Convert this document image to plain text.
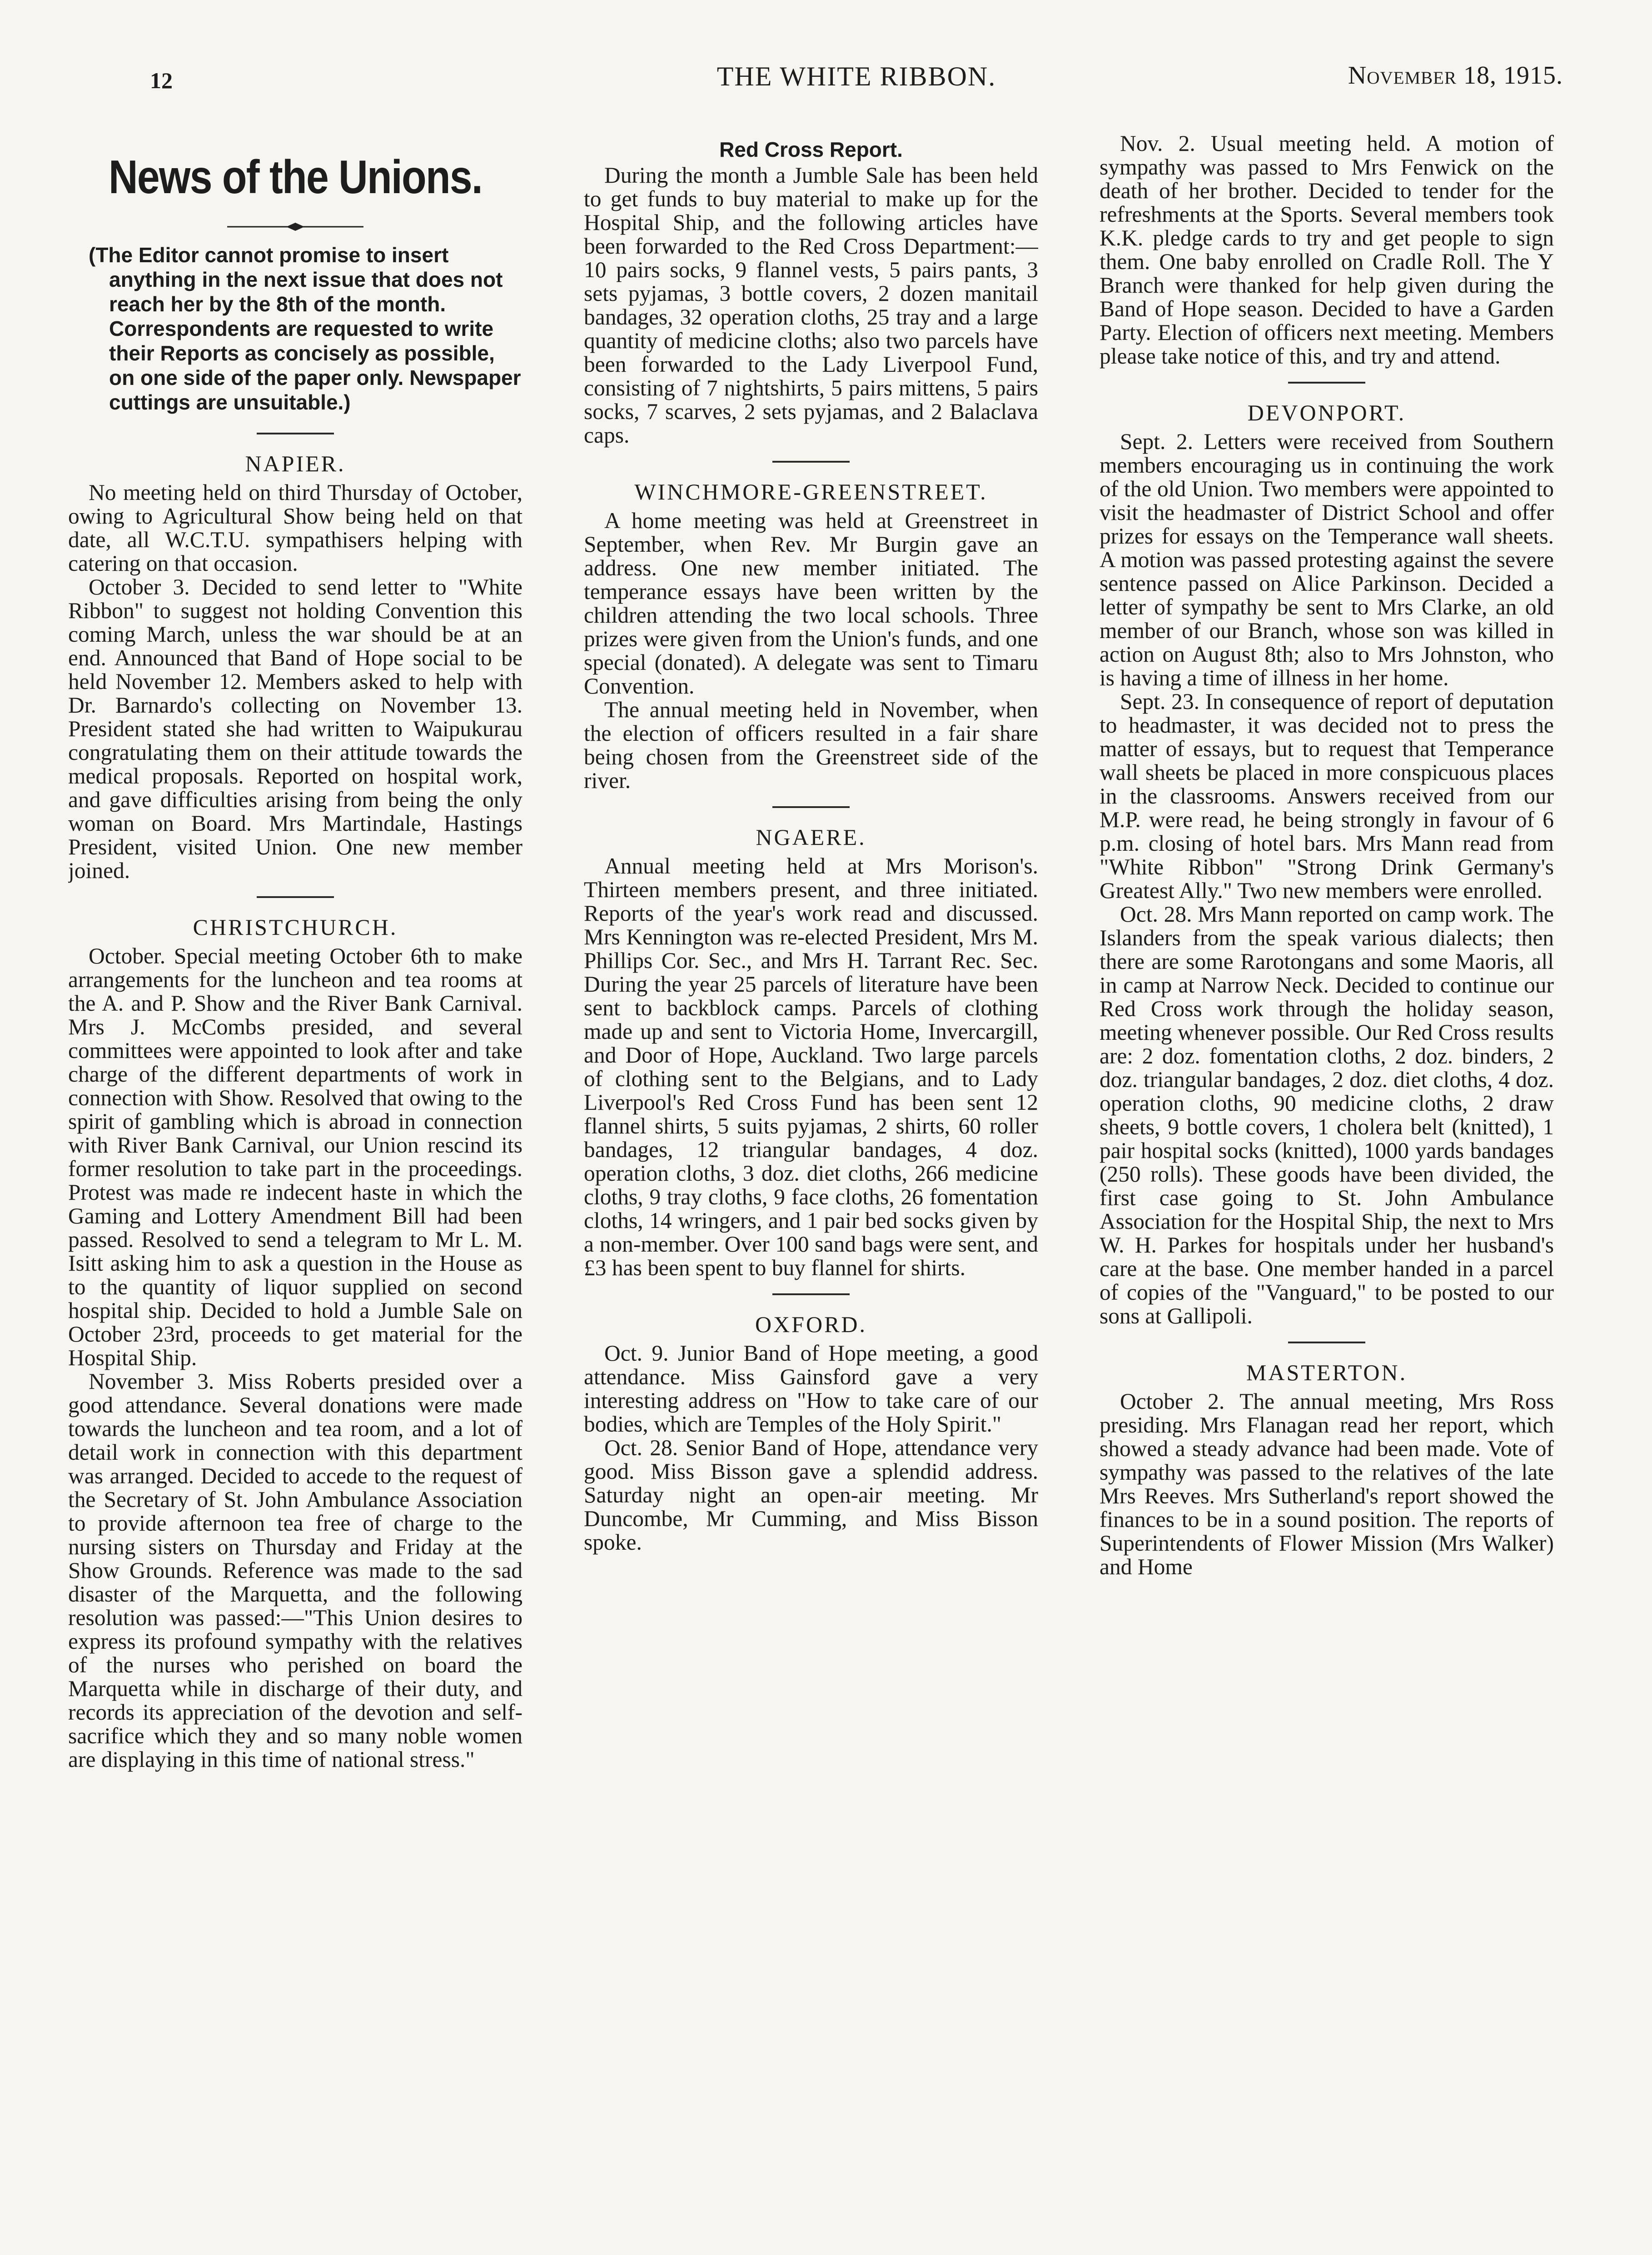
12	THE WHITE RIBBON.	November 18, 1915.
News of the Unions.
(The Editor cannot promise to insert anything in the next issue that does not reach her by the 8th of the month. Correspondents are requested to write their Reports as concisely as possible, on one side of the paper only. Newspaper cuttings are unsuitable.)
NAPIER.

No meeting held on third Thursday of October, owing to Agricultural Show being held on that date, all W.C.T.U. sympathisers helping with catering on that occasion.

October 3. Decided to send letter to "White Ribbon" to suggest not holding Convention this coming March, unless the war should be at an end. Announced that Band of Hope social to be held November 12. Members asked to help with Dr. Barnardo's collecting on November 13. President stated she had written to Waipukurau congratulating them on their attitude towards the medical proposals. Reported on hospital work, and gave difficulties arising from being the only woman on Board. Mrs Martindale, Hastings President, visited Union. One new member joined.

CHRISTCHURCH.

October. Special meeting October 6th to make arrangements for the luncheon and tea rooms at the A. and P. Show and the River Bank Carnival. Mrs J. McCombs presided, and several committees were appointed to look after and take charge of the different departments of work in connection with Show. Resolved that owing to the spirit of gambling which is abroad in connection with River Bank Carnival, our Union rescind its former resolution to take part in the proceedings. Protest was made re indecent haste in which the Gaming and Lottery Amendment Bill had been passed. Resolved to send a telegram to Mr L. M. Isitt asking him to ask a question in the House as to the quantity of liquor supplied on second hospital ship. Decided to hold a Jumble Sale on October 23rd, proceeds to get material for the Hospital Ship.

November 3. Miss Roberts presided over a good attendance. Several donations were made towards the luncheon and tea room, and a lot of detail work in connection with this department was arranged. Decided to accede to the request of the Secretary of St. John Ambulance Association to provide afternoon tea free of charge to the nursing sisters on Thursday and Friday at the Show Grounds. Reference was made to the sad disaster of the Marquetta, and the following resolution was passed:—"This Union desires to express its profound sympathy with the relatives of the nurses who perished on board the Marquetta while in discharge of their duty, and records its appreciation of the devotion and self-sacrifice which they and so many noble women are displaying in this time of national stress."

Red Cross Report.

During the month a Jumble Sale has been held to get funds to buy material to make up for the Hospital Ship, and the following articles have been forwarded to the Red Cross Department:—10 pairs socks, 9 flannel vests, 5 pairs pants, 3 sets pyjamas, 3 bottle covers, 2 dozen manitail bandages, 32 operation cloths, 25 tray and a large quantity of medicine cloths; also two parcels have been forwarded to the Lady Liverpool Fund, consisting of 7 nightshirts, 5 pairs mittens, 5 pairs socks, 7 scarves, 2 sets pyjamas, and 2 Balaclava caps.

WINCHMORE-GREENSTREET.

A home meeting was held at Greenstreet in September, when Rev. Mr Burgin gave an address. One new member initiated. The temperance essays have been written by the children attending the two local schools. Three prizes were given from the Union's funds, and one special (donated). A delegate was sent to Timaru Convention.

The annual meeting held in November, when the election of officers resulted in a fair share being chosen from the Greenstreet side of the river.

NGAERE.

Annual meeting held at Mrs Morison's. Thirteen members present, and three initiated. Reports of the year's work read and discussed. Mrs Kennington was re-elected President, Mrs M. Phillips Cor. Sec., and Mrs H. Tarrant Rec. Sec. During the year 25 parcels of literature have been sent to backblock camps. Parcels of clothing made up and sent to Victoria Home, Invercargill, and Door of Hope, Auckland. Two large parcels of clothing sent to the Belgians, and to Lady Liverpool's Red Cross Fund has been sent 12 flannel shirts, 5 suits pyjamas, 2 shirts, 60 roller bandages, 12 triangular bandages, 4 doz. operation cloths, 3 doz. diet cloths, 266 medicine cloths, 9 tray cloths, 9 face cloths, 26 fomentation cloths, 14 wringers, and 1 pair bed socks given by a non-member. Over 100 sand bags were sent, and £3 has been spent to buy flannel for shirts.

OXFORD.

Oct. 9. Junior Band of Hope meeting, a good attendance. Miss Gainsford gave a very interesting address on "How to take care of our bodies, which are Temples of the Holy Spirit."

Oct. 28. Senior Band of Hope, attendance very good. Miss Bisson gave a splendid address. Saturday night an open-air meeting. Mr Duncombe, Mr Cumming, and Miss Bisson spoke.

Nov. 2. Usual meeting held. A motion of sympathy was passed to Mrs Fenwick on the death of her brother. Decided to tender for the refreshments at the Sports. Several members took K.K. pledge cards to try and get people to sign them. One baby enrolled on Cradle Roll. The Y Branch were thanked for help given during the Band of Hope season. Decided to have a Garden Party. Election of officers next meeting. Members please take notice of this, and try and attend.

DEVONPORT.

Sept. 2. Letters were received from Southern members encouraging us in continuing the work of the old Union. Two members were appointed to visit the headmaster of District School and offer prizes for essays on the Temperance wall sheets. A motion was passed protesting against the severe sentence passed on Alice Parkinson. Decided a letter of sympathy be sent to Mrs Clarke, an old member of our Branch, whose son was killed in action on August 8th; also to Mrs Johnston, who is having a time of illness in her home.

Sept. 23. In consequence of report of deputation to headmaster, it was decided not to press the matter of essays, but to request that Temperance wall sheets be placed in more conspicuous places in the classrooms. Answers received from our M.P. were read, he being strongly in favour of 6 p.m. closing of hotel bars. Mrs Mann read from "White Ribbon" "Strong Drink Germany's Greatest Ally." Two new members were enrolled.

Oct. 28. Mrs Mann reported on camp work. The Islanders from the speak various dialects; then there are some Rarotongans and some Maoris, all in camp at Narrow Neck. Decided to continue our Red Cross work through the holiday season, meeting whenever possible. Our Red Cross results are: 2 doz. fomentation cloths, 2 doz. binders, 2 doz. triangular bandages, 2 doz. diet cloths, 4 doz. operation cloths, 90 medicine cloths, 2 draw sheets, 9 bottle covers, 1 cholera belt (knitted), 1 pair hospital socks (knitted), 1000 yards bandages (250 rolls). These goods have been divided, the first case going to St. John Ambulance Association for the Hospital Ship, the next to Mrs W. H. Parkes for hospitals under her husband's care at the base. One member handed in a parcel of copies of the "Vanguard," to be posted to our sons at Gallipoli.

MASTERTON.

October 2. The annual meeting, Mrs Ross presiding. Mrs Flanagan read her report, which showed a steady advance had been made. Vote of sympathy was passed to the relatives of the late Mrs Reeves. Mrs Sutherland's report showed the finances to be in a sound position. The reports of Superintendents of Flower Mission (Mrs Walker) and Home
